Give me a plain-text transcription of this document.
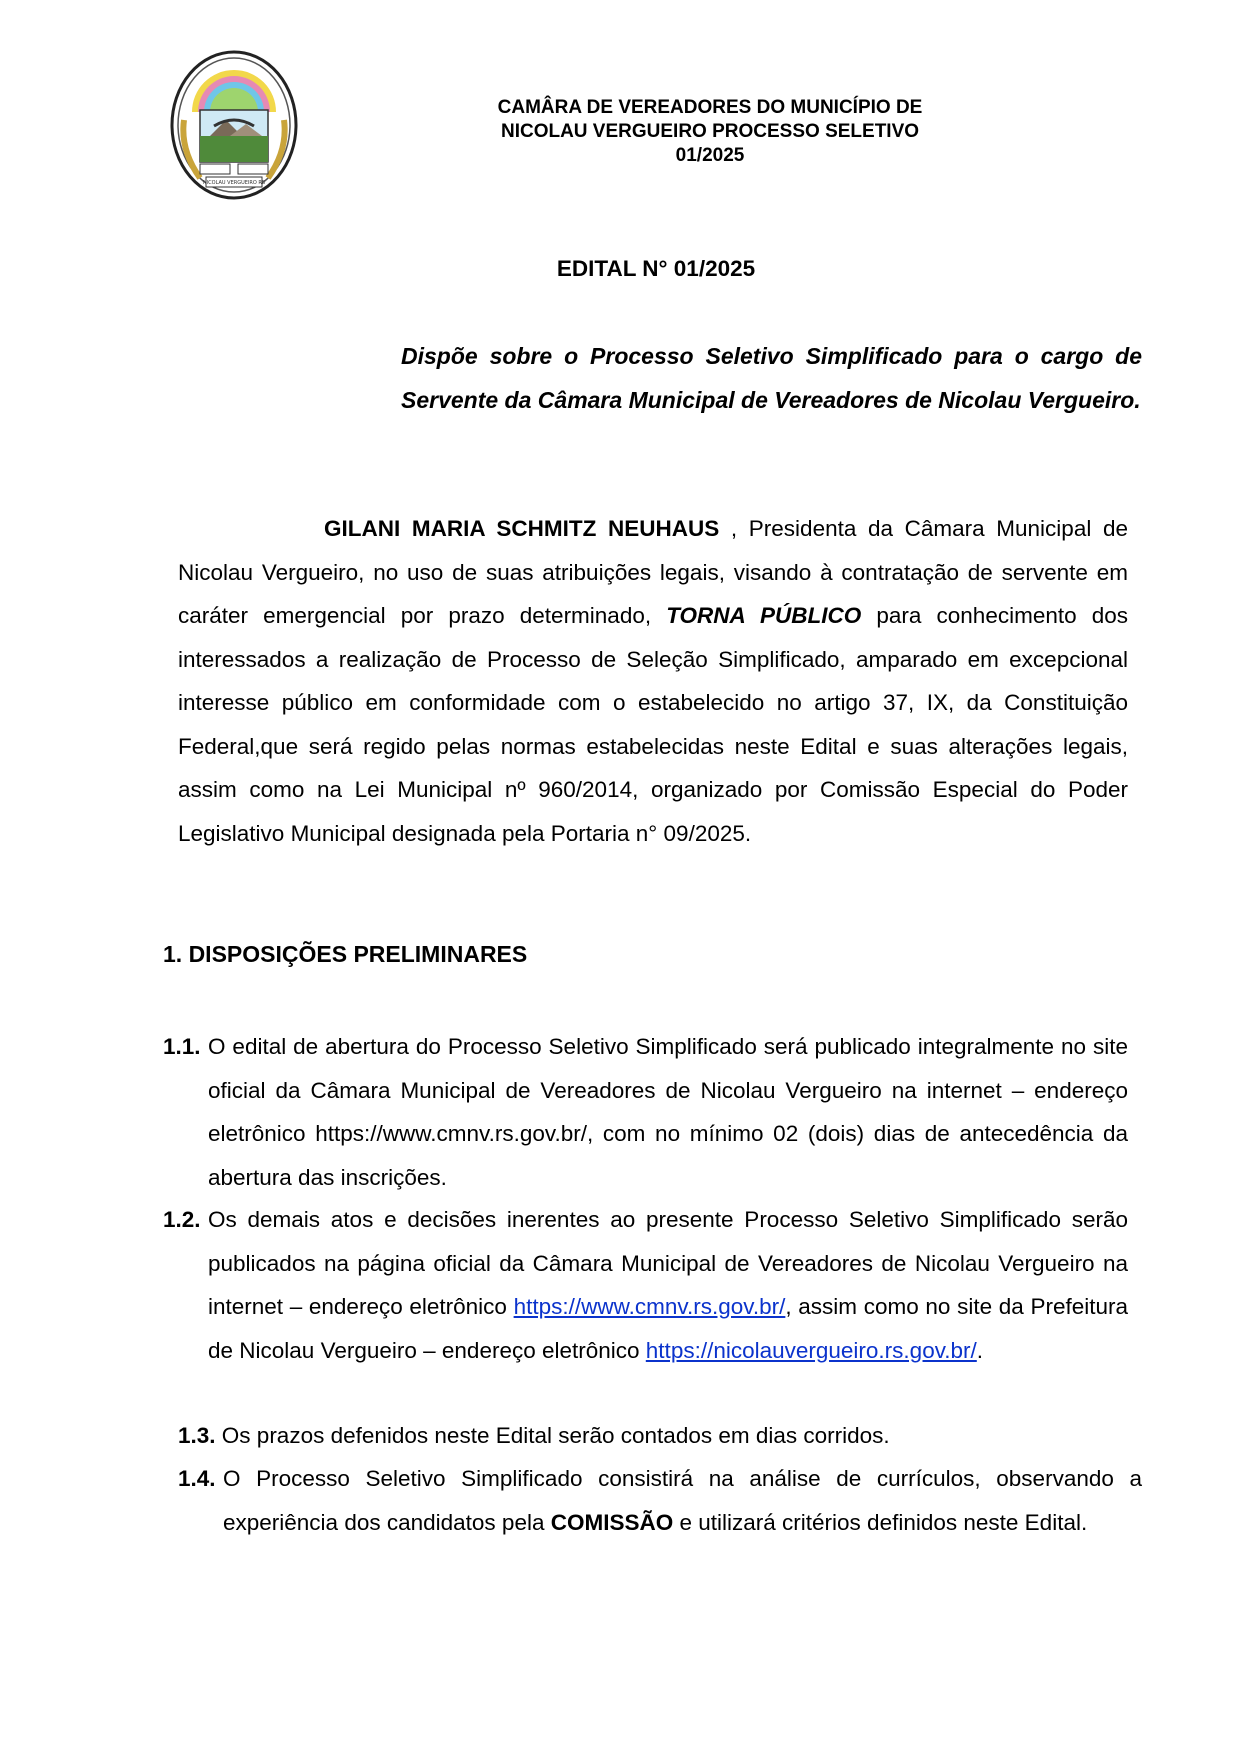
NICOLAU VERGUEIRO RS
CAMÂRA DE VEREADORES DO MUNICÍPIO DE
NICOLAU VERGUEIRO PROCESSO SELETIVO
01/2025
EDITAL N° 01/2025
Dispõe sobre o Processo Seletivo Simplificado para o cargo de Servente da Câmara Municipal de Vereadores de Nicolau Vergueiro.
GILANI MARIA SCHMITZ NEUHAUS , Presidenta da Câmara Municipal de Nicolau Vergueiro, no uso de suas atribuições legais, visando à contratação de servente em caráter emergencial por prazo determinado, TORNA PÚBLICO para conhecimento dos interessados a realização de Processo de Seleção Simplificado, amparado em excepcional interesse público em conformidade com o estabelecido no artigo 37, IX, da Constituição Federal,que será regido pelas normas estabelecidas neste Edital e suas alterações legais, assim como na Lei Municipal nº 960/2014, organizado por Comissão Especial do Poder Legislativo Municipal designada pela Portaria n° 09/2025.
1. DISPOSIÇÕES PRELIMINARES
1.1. O edital de abertura do Processo Seletivo Simplificado será publicado integralmente no site oficial da Câmara Municipal de Vereadores de Nicolau Vergueiro na internet – endereço eletrônico https://www.cmnv.rs.gov.br/, com no mínimo 02 (dois) dias de antecedência da abertura das inscrições.
1.2. Os demais atos e decisões inerentes ao presente Processo Seletivo Simplificado serão publicados na página oficial da Câmara Municipal de Vereadores de Nicolau Vergueiro na internet – endereço eletrônico https://www.cmnv.rs.gov.br/, assim como no site da Prefeitura de Nicolau Vergueiro – endereço eletrônico https://nicolauvergueiro.rs.gov.br/.
1.3. Os prazos defenidos neste Edital serão contados em dias corridos.
1.4. O Processo Seletivo Simplificado consistirá na análise de currículos, observando a experiência dos candidatos pela COMISSÃO e utilizará critérios definidos neste Edital.
